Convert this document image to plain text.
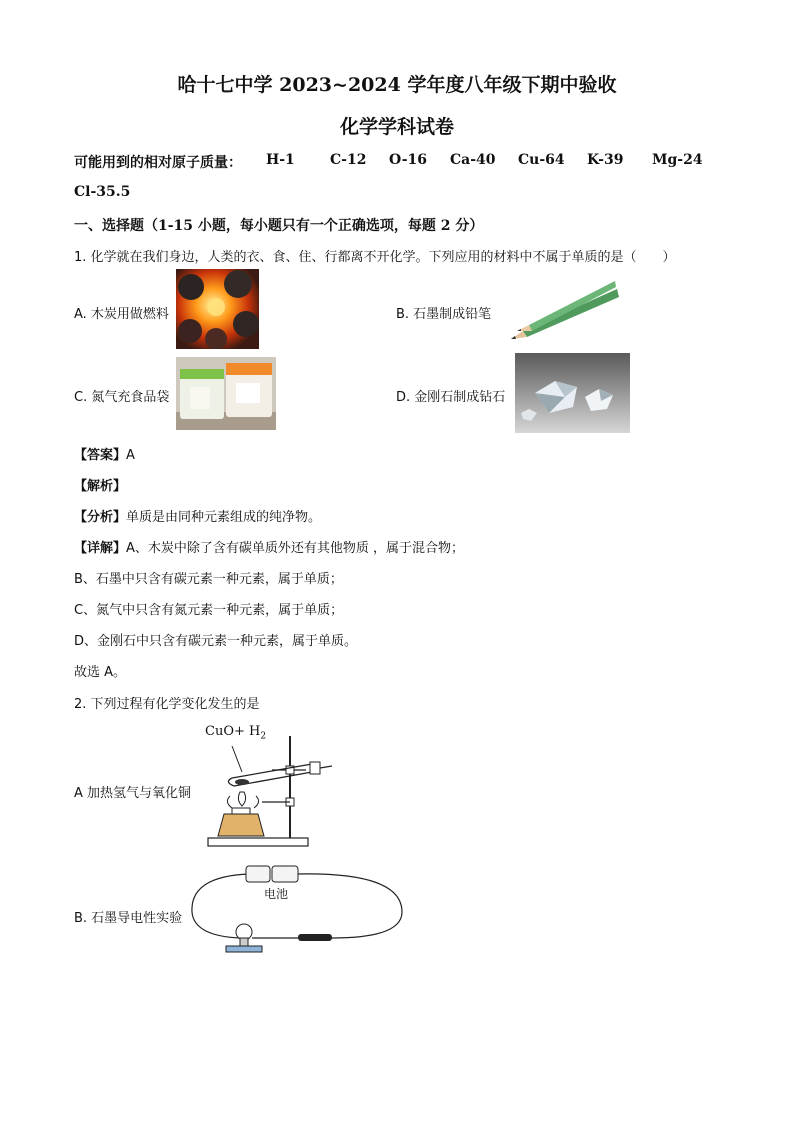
哈十七中学 2023~2024 学年度八年级下期中验收
化学学科试卷
可能用到的相对原子质量： H-1	C-12 O-16 Ca-40 Cu-64 K-39 Mg-24
Cl-35.5
一、选择题（1-15 小题，每小题只有一个正确选项，每题 2 分）
1. 化学就在我们身边，人类的衣、食、住、行都离不开化学。下列应用的材料中不属于单质的是（　　）
A. 木炭用做燃料	B. 石墨制成铅笔
C. 氮气充食品袋	D. 金刚石制成钻石
【答案】A
【解析】
【分析】单质是由同种元素组成的纯净物。
【详解】A、木炭中除了含有碳单质外还有其他物质 ，属于混合物；
B、石墨中只含有碳元素一种元素，属于单质；
C、氮气中只含有氮元素一种元素，属于单质；
D、金刚石中只含有碳元素一种元素，属于单质。
故选 A。
2. 下列过程有化学变化发生的是
A 加热氢气与氧化铜
$CuO+ H_2$
B. 石墨导电性实验
电池
